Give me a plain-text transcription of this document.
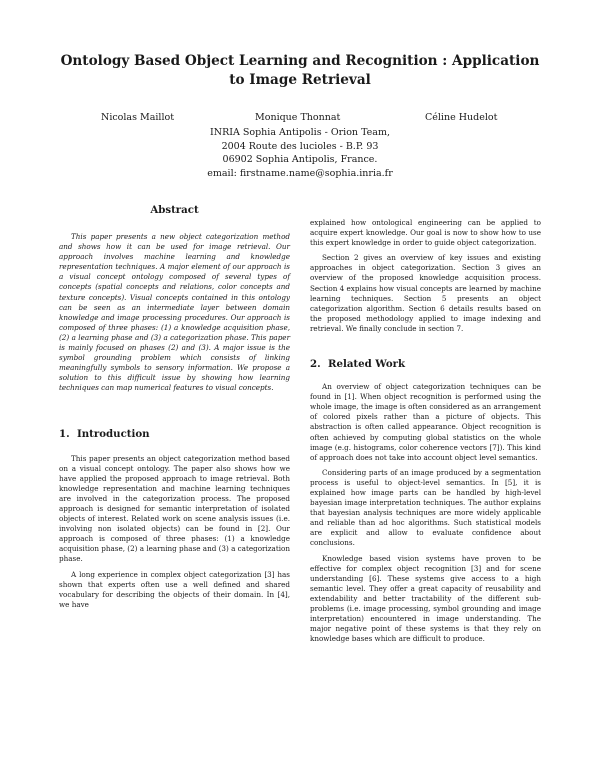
Ontology Based Object Learning and Recognition : Application to Image Retrieval
Nicolas Maillot	Monique Thonnat	Céline Hudelot
INRIA Sophia Antipolis - Orion Team,
2004 Route des lucioles - B.P. 93
06902 Sophia Antipolis, France.
email: firstname.name@sophia.inria.fr
Abstract

This paper presents a new object categorization method and shows how it can be used for image retrieval. Our approach involves machine learning and knowledge representation techniques. A major element of our approach is a visual concept ontology composed of several types of concepts (spatial concepts and relations, color concepts and texture concepts). Visual concepts contained in this ontology can be seen as an intermediate layer between domain knowledge and image processing procedures. Our approach is composed of three phases: (1) a knowledge acquisition phase, (2) a learning phase and (3) a categorization phase. This paper is mainly focused on phases (2) and (3). A major issue is the symbol grounding problem which consists of linking meaningfully symbols to sensory information. We propose a solution to this difficult issue by showing how learning techniques can map numerical features to visual concepts.

1. Introduction

This paper presents an object categorization method based on a visual concept ontology. The paper also shows how we have applied the proposed approach to image retrieval. Both knowledge representation and machine learning techniques are involved in the categorization process. The proposed approach is designed for semantic interpretation of isolated objects of interest. Related work on scene analysis issues (i.e. involving non isolated objects) can be found in [2]. Our approach is composed of three phases: (1) a knowledge acquisition phase, (2) a learning phase and (3) a categorization phase.

A long experience in complex object categorization [3] has shown that experts often use a well defined and shared vocabulary for describing the objects of their domain. In [4], we have

explained how ontological engineering can be applied to acquire expert knowledge. Our goal is now to show how to use this expert knowledge in order to guide object categorization.

Section 2 gives an overview of key issues and existing approaches in object categorization. Section 3 gives an overview of the proposed knowledge acquisition process. Section 4 explains how visual concepts are learned by machine learning techniques. Section 5 presents an object categorization algorithm. Section 6 details results based on the proposed methodology applied to image indexing and retrieval. We finally conclude in section 7.

2. Related Work

An overview of object categorization techniques can be found in [1]. When object recognition is performed using the whole image, the image is often considered as an arrangement of colored pixels rather than a picture of objects. This abstraction is often called appearance. Object recognition is often achieved by computing global statistics on the whole image (e.g. histograms, color coherence vectors [7]). This kind of approach does not take into account object level semantics.

Considering parts of an image produced by a segmentation process is useful to object-level semantics. In [5], it is explained how image parts can be handled by high-level bayesian image interpretation techniques. The author explains that bayesian analysis techniques are more widely applicable and reliable than ad hoc algorithms. Such statistical models are explicit and allow to evaluate confidence about conclusions.

Knowledge based vision systems have proven to be effective for complex object recognition [3] and for scene understanding [6]. These systems give access to a high semantic level. They offer a great capacity of reusability and extendability and better tractability of the different sub-problems (i.e. image processing, symbol grounding and image interpretation) encountered in image understanding. The major negative point of these systems is that they rely on knowledge bases which are difficult to produce.
